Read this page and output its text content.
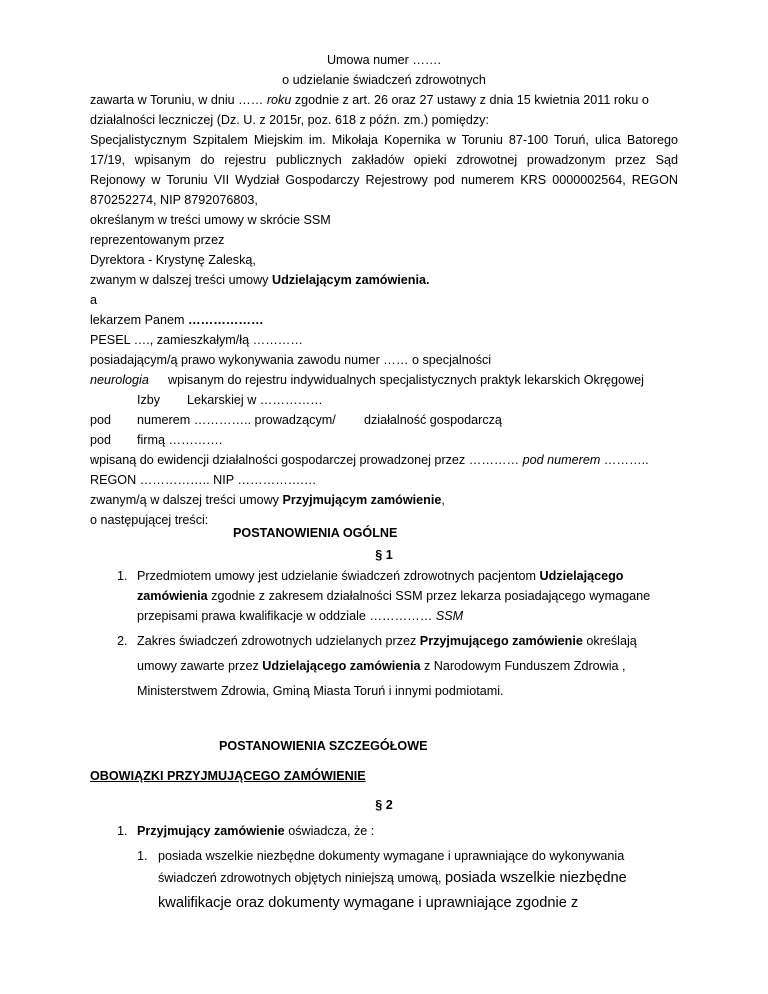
Umowa numer …….
o udzielanie świadczeń zdrowotnych
zawarta w Toruniu, w dniu …… roku zgodnie z art. 26 oraz 27 ustawy z dnia 15 kwietnia 2011 roku o
działalności leczniczej (Dz. U. z 2015r, poz. 618 z późn. zm.) pomiędzy:
Specjalistycznym Szpitalem Miejskim im. Mikołaja Kopernika w Toruniu 87-100 Toruń, ulica Batorego
17/19, wpisanym do rejestru publicznych zakładów opieki zdrowotnej prowadzonym przez Sąd
Rejonowy w Toruniu VII Wydział Gospodarczy Rejestrowy pod numerem KRS 0000002564, REGON
870252274, NIP 8792076803,
określanym w treści umowy w skrócie SSM
reprezentowanym przez
Dyrektora - Krystynę Zaleską,
zwanym w dalszej treści umowy Udzielającym zamówienia.
a
lekarzem Panem ………………
PESEL …., zamieszkałym/łą …………
posiadającym/ą prawo wykonywania zawodu numer …… o specjalności
neurologia wpisanym do rejestru indywidualnych specjalistycznych praktyk lekarskich Okręgowej
Izby Lekarskiej w ……………
pod numerem ………….. prowadzącym/ działalność gospodarczą
pod firmą ………….
wpisaną do ewidencji działalności gospodarczej prowadzonej przez ………… pod numerem ………..
REGON …………….. NIP …………….…
zwanym/ą w dalszej treści umowy Przyjmującym zamówienie,
o następującej treści:
POSTANOWIENIA OGÓLNE
§ 1
1. Przedmiotem umowy jest udzielanie świadczeń zdrowotnych pacjentom Udzielającego
zamówienia zgodnie z zakresem działalności SSM przez lekarza posiadającego wymagane
przepisami prawa kwalifikacje w oddziale …………… SSM
2. Zakres świadczeń zdrowotnych udzielanych przez Przyjmującego zamówienie określają
umowy zawarte przez Udzielającego zamówienia z Narodowym Funduszem Zdrowia ,
Ministerstwem Zdrowia, Gminą Miasta Toruń i innymi podmiotami.
POSTANOWIENIA SZCZEGÓŁOWE
OBOWIĄZKI PRZYJMUJĄCEGO ZAMÓWIENIE
§ 2
1. Przyjmujący zamówienie oświadcza, że :
1. posiada wszelkie niezbędne dokumenty wymagane i uprawniające do wykonywania
świadczeń zdrowotnych objętych niniejszą umową, posiada wszelkie niezbędne
kwalifikacje oraz dokumenty wymagane i uprawniające zgodnie z
